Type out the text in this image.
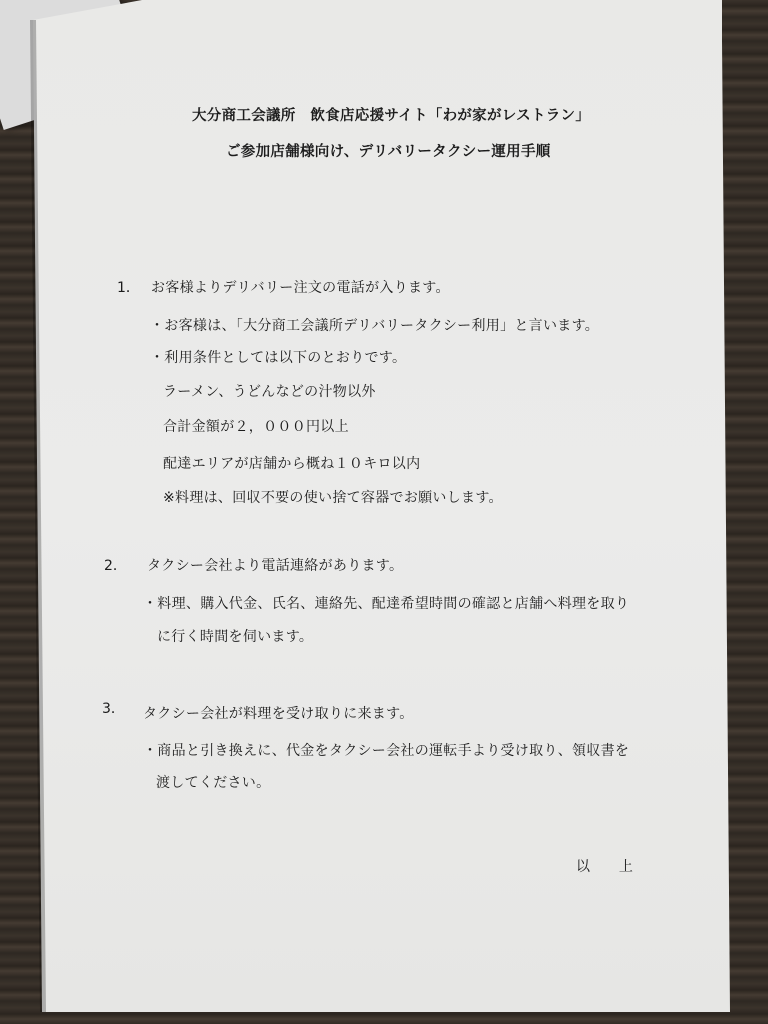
大分商工会議所　飲食店応援サイト「わが家がレストラン」
ご参加店舗様向け、デリバリータクシー運用手順
1． お客様よりデリバリー注文の電話が入ります。
・お客様は、「大分商工会議所デリバリータクシー利用」と言います。
・利用条件としては以下のとおりです。
ラーメン、うどんなどの汁物以外
合計金額が２，０００円以上
配達エリアが店舗から概ね１０キロ以内
※料理は、回収不要の使い捨て容器でお願いします。
2． タクシー会社より電話連絡があります。
・料理、購入代金、氏名、連絡先、配達希望時間の確認と店舗へ料理を取り
に行く時間を伺います。
3． タクシー会社が料理を受け取りに来ます。
・商品と引き換えに、代金をタクシー会社の運転手より受け取り、領収書を
渡してください。
以　　上
